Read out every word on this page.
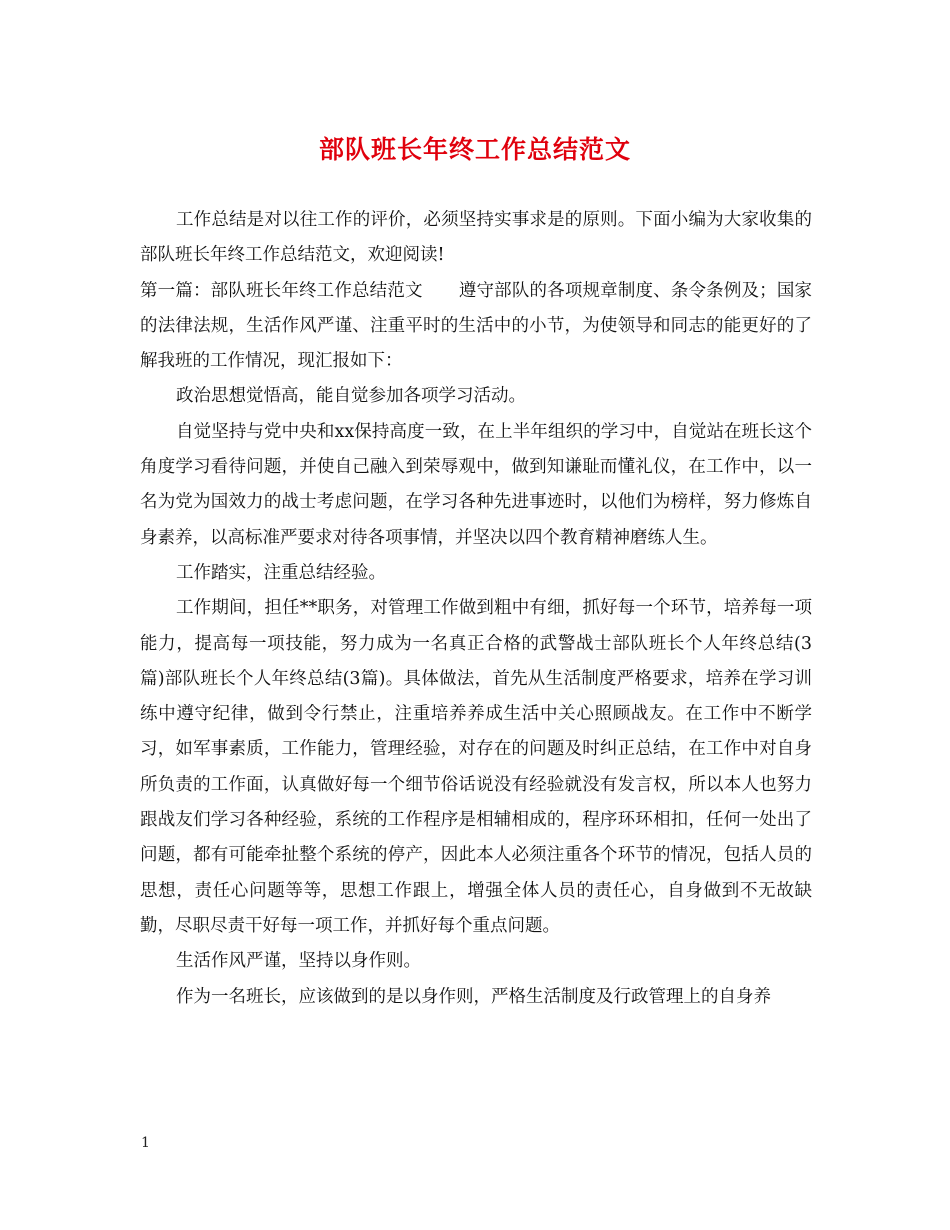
部队班长年终工作总结范文

工作总结是对以往工作的评价，必须坚持实事求是的原则。下面小编为大家收集的部队班长年终工作总结范文，欢迎阅读!

第一篇：部队班长年终工作总结范文 遵守部队的各项规章制度、条令条例及；国家的法律法规，生活作风严谨、注重平时的生活中的小节，为使领导和同志的能更好的了解我班的工作情况，现汇报如下：

政治思想觉悟高，能自觉参加各项学习活动。

自觉坚持与党中央和xx保持高度一致，在上半年组织的学习中，自觉站在班长这个角度学习看待问题，并使自己融入到荣辱观中，做到知谦耻而懂礼仪，在工作中，以一名为党为国效力的战士考虑问题，在学习各种先进事迹时，以他们为榜样，努力修炼自身素养，以高标准严要求对待各项事情，并坚决以四个教育精神磨练人生。

工作踏实，注重总结经验。

工作期间，担任**职务，对管理工作做到粗中有细，抓好每一个环节，培养每一项能力，提高每一项技能，努力成为一名真正合格的武警战士部队班长个人年终总结(3篇)部队班长个人年终总结(3篇)。具体做法，首先从生活制度严格要求，培养在学习训练中遵守纪律，做到令行禁止，注重培养养成生活中关心照顾战友。在工作中不断学习，如军事素质，工作能力，管理经验，对存在的问题及时纠正总结，在工作中对自身所负责的工作面，认真做好每一个细节俗话说没有经验就没有发言权，所以本人也努力跟战友们学习各种经验，系统的工作程序是相辅相成的，程序环环相扣，任何一处出了问题，都有可能牵扯整个系统的停产，因此本人必须注重各个环节的情况，包括人员的思想，责任心问题等等，思想工作跟上，增强全体人员的责任心，自身做到不无故缺勤，尽职尽责干好每一项工作，并抓好每个重点问题。

生活作风严谨，坚持以身作则。

作为一名班长，应该做到的是以身作则，严格生活制度及行政管理上的自身养

1
